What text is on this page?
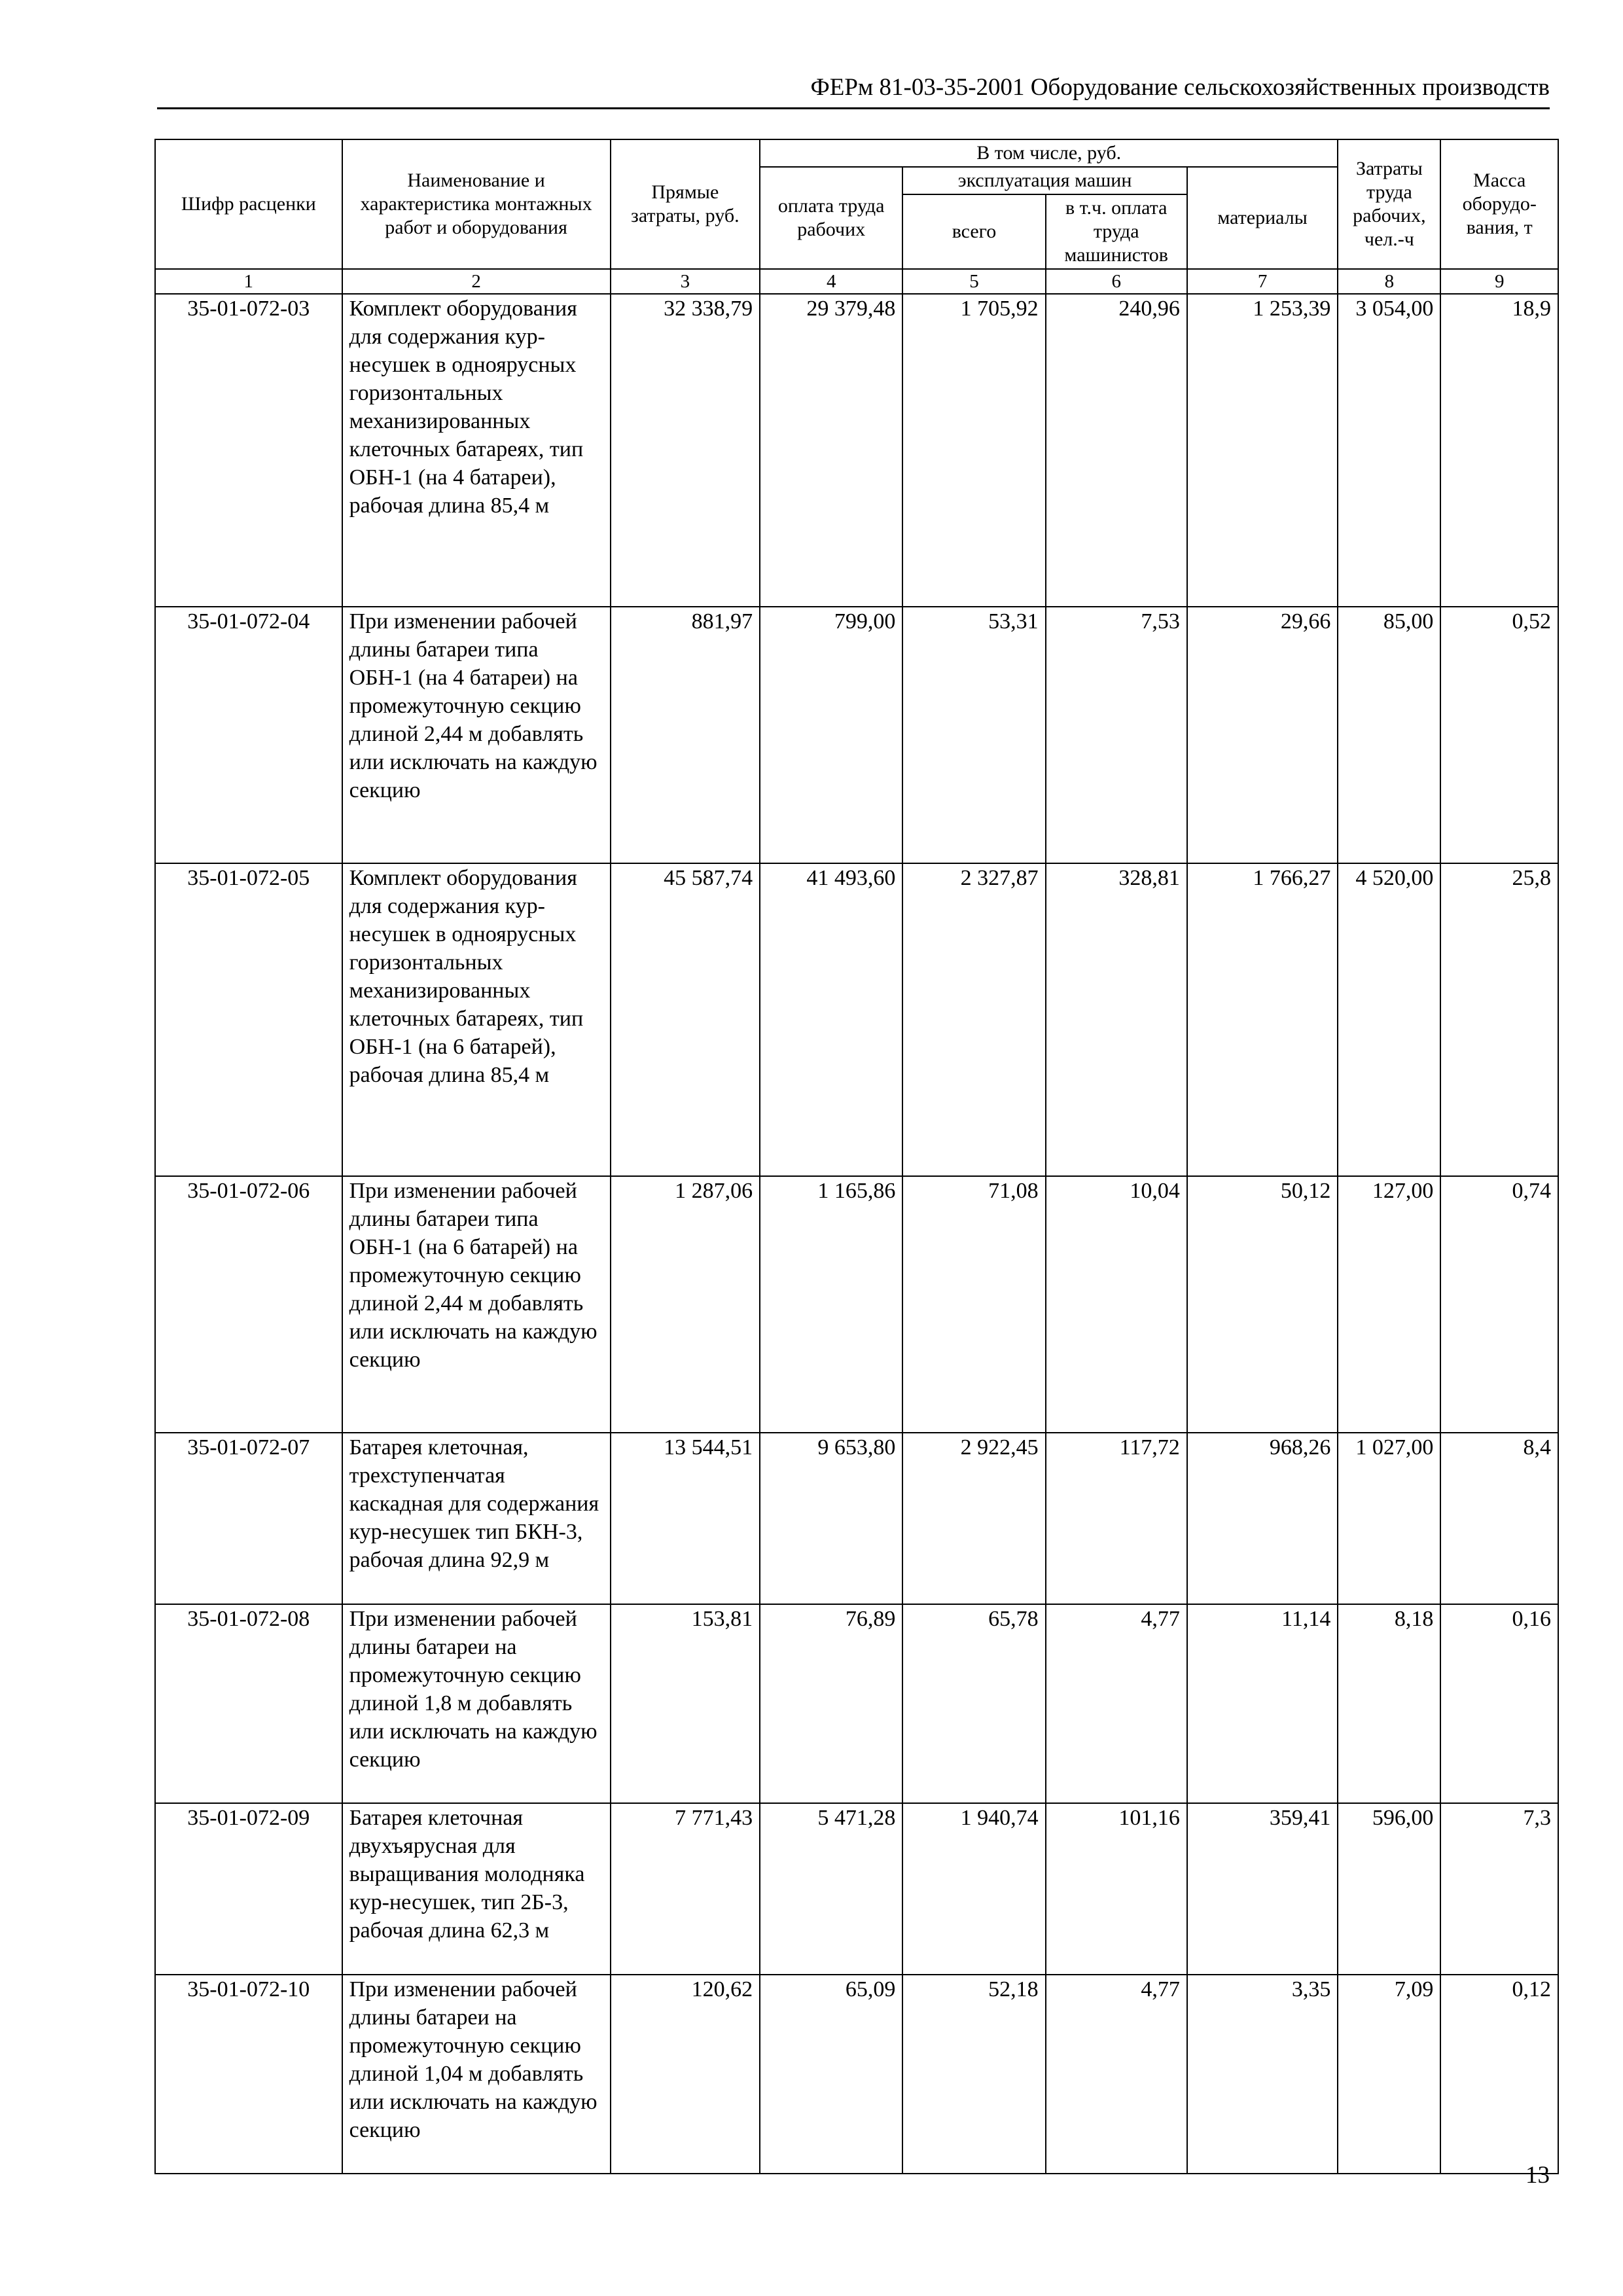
ФЕРм 81-03-35-2001 Оборудование сельскохозяйственных производств
Шифр расценки	Наименование и характеристика монтажных работ и оборудования	Прямые затраты, руб.	В том числе, руб.				Затраты труда рабочих, чел.-ч	Масса оборудо-вания, т
			оплата труда рабочих	эксплуатация машин		материалы		
				всего	в т.ч. оплата труда машинистов			
1	2	3	4	5	6	7	8	9
35-01-072-03	Комплект оборудования для содержания кур-несушек в одноярусных горизонтальных механизированных клеточных батареях, тип ОБН-1 (на 4 батареи), рабочая длина 85,4 м	32 338,79	29 379,48	1 705,92	240,96	1 253,39	3 054,00	18,9
35-01-072-04	При изменении рабочей длины батареи типа ОБН-1 (на 4 батареи) на промежуточную секцию длиной 2,44 м добавлять или исключать на каждую секцию	881,97	799,00	53,31	7,53	29,66	85,00	0,52
35-01-072-05	Комплект оборудования для содержания кур-несушек в одноярусных горизонтальных механизированных клеточных батареях, тип ОБН-1 (на 6 батарей), рабочая длина 85,4 м	45 587,74	41 493,60	2 327,87	328,81	1 766,27	4 520,00	25,8
35-01-072-06	При изменении рабочей длины батареи типа ОБН-1 (на 6 батарей) на промежуточную секцию длиной 2,44 м добавлять или исключать на каждую секцию	1 287,06	1 165,86	71,08	10,04	50,12	127,00	0,74
35-01-072-07	Батарея клеточная, трехступенчатая каскадная для содержания кур-несушек тип БКН-3, рабочая длина 92,9 м	13 544,51	9 653,80	2 922,45	117,72	968,26	1 027,00	8,4
35-01-072-08	При изменении рабочей длины батареи на промежуточную секцию длиной 1,8 м добавлять или исключать на каждую секцию	153,81	76,89	65,78	4,77	11,14	8,18	0,16
35-01-072-09	Батарея клеточная двухъярусная для выращивания молодняка кур-несушек, тип 2Б-3, рабочая длина 62,3 м	7 771,43	5 471,28	1 940,74	101,16	359,41	596,00	7,3
35-01-072-10	При изменении рабочей длины батареи на промежуточную секцию длиной 1,04 м добавлять или исключать на каждую секцию	120,62	65,09	52,18	4,77	3,35	7,09	0,12
13
